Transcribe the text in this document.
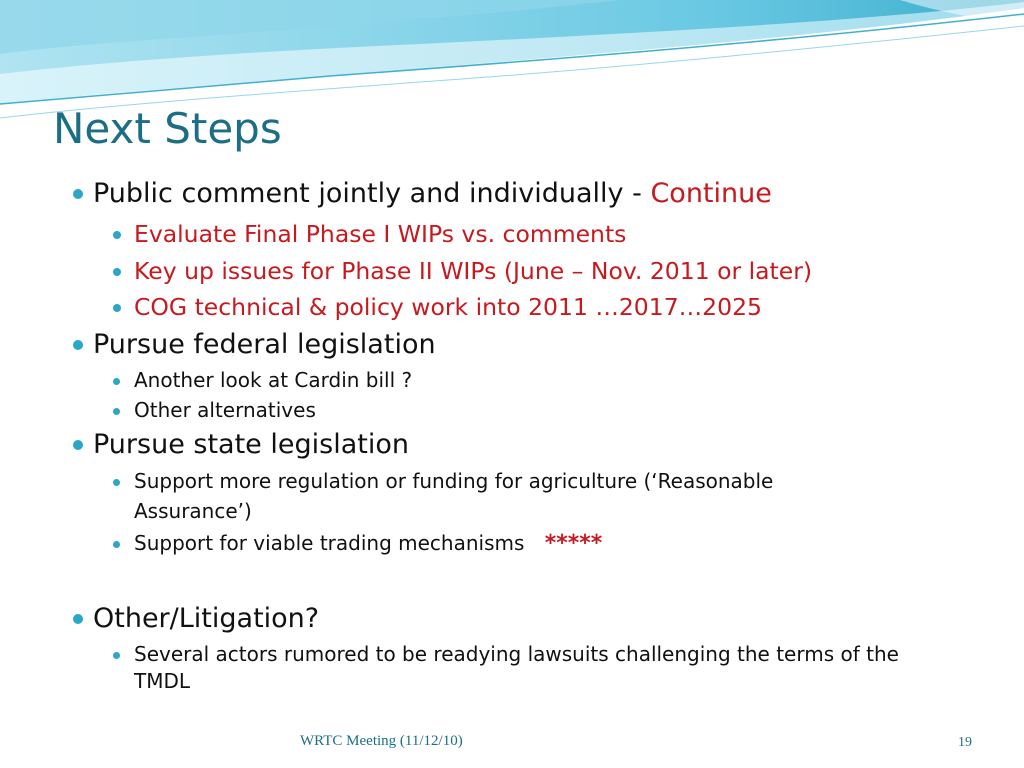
Next Steps
Public comment jointly and individually - Continue
Evaluate Final Phase I WIPs vs. comments
Key up issues for Phase II WIPs (June – Nov. 2011 or later)
COG technical & policy work into 2011 …2017…2025
Pursue federal legislation
Another look at Cardin bill ?
Other alternatives
Pursue state legislation
Support more regulation or funding for agriculture (‘Reasonable
Assurance’)
Support for viable trading mechanisms *****
Other/Litigation?
Several actors rumored to be readying lawsuits challenging the terms of the
TMDL
WRTC Meeting (11/12/10)	19
